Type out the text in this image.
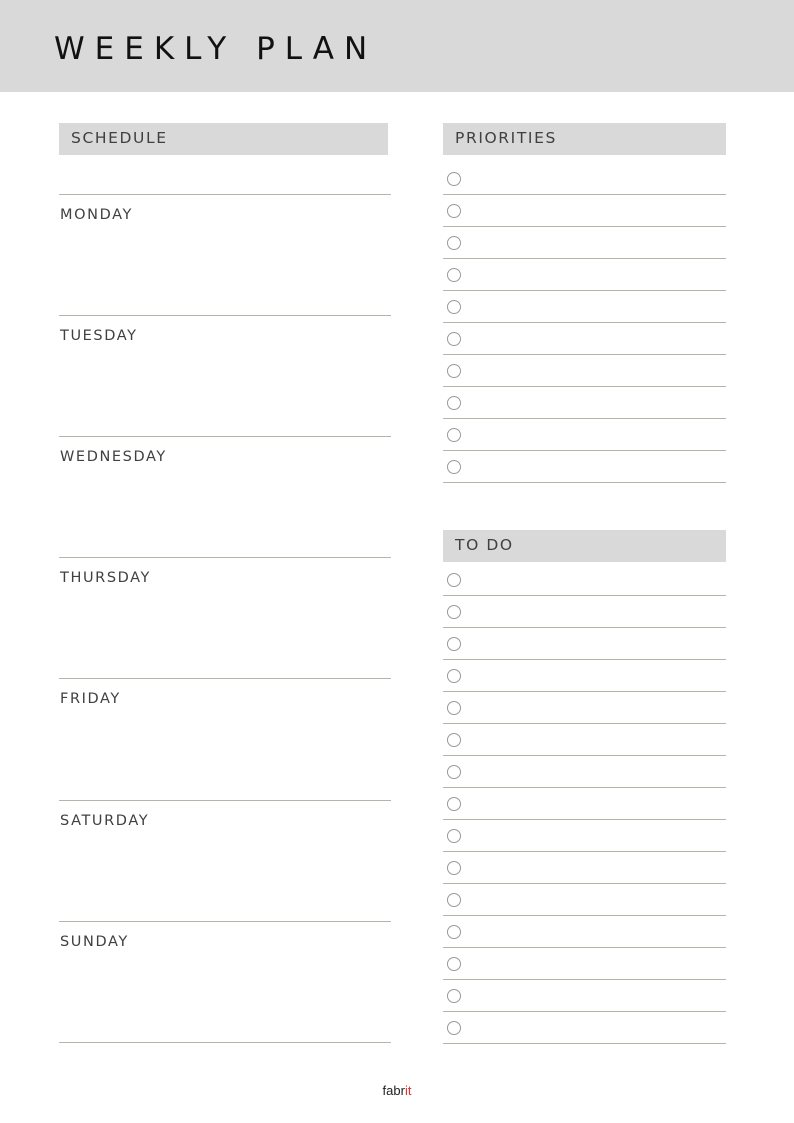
WEEKLY PLAN
SCHEDULE
MONDAY
TUESDAY
WEDNESDAY
THURSDAY
FRIDAY
SATURDAY
SUNDAY
PRIORITIES
TO DO
fabrit
